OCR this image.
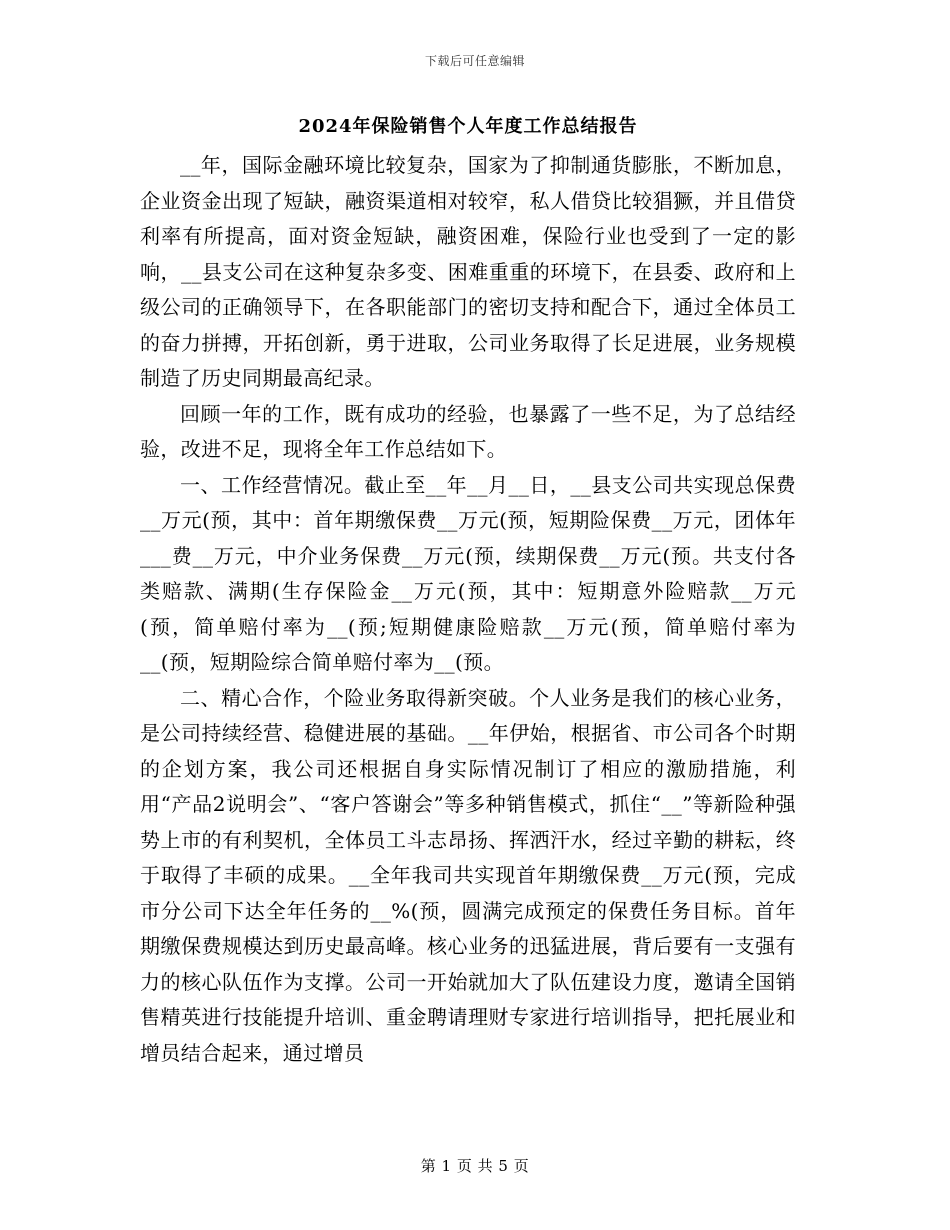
下载后可任意编辑
2024年保险销售个人年度工作总结报告

__年，国际金融环境比较复杂，国家为了抑制通货膨胀，不断加息，企业资金出现了短缺，融资渠道相对较窄，私人借贷比较猖獗，并且借贷利率有所提高，面对资金短缺，融资困难，保险行业也受到了一定的影响，__县支公司在这种复杂多变、困难重重的环境下，在县委、政府和上级公司的正确领导下，在各职能部门的密切支持和配合下，通过全体员工的奋力拼搏，开拓创新，勇于进取，公司业务取得了长足进展，业务规模制造了历史同期最高纪录。

回顾一年的工作，既有成功的经验，也暴露了一些不足，为了总结经验，改进不足，现将全年工作总结如下。

一、工作经营情况。截止至__年__月__日，__县支公司共实现总保费__万元(预，其中：首年期缴保费__万元(预，短期险保费__万元，团体年___费__万元，中介业务保费__万元(预，续期保费__万元(预。共支付各类赔款、满期(生存保险金__万元(预，其中：短期意外险赔款__万元(预，简单赔付率为__(预;短期健康险赔款__万元(预，简单赔付率为__(预，短期险综合简单赔付率为__(预。

二、精心合作，个险业务取得新突破。个人业务是我们的核心业务，是公司持续经营、稳健进展的基础。__年伊始，根据省、市公司各个时期的企划方案，我公司还根据自身实际情况制订了相应的激励措施，利用“产品2说明会”、“客户答谢会”等多种销售模式，抓住“__”等新险种强势上市的有利契机，全体员工斗志昂扬、挥洒汗水，经过辛勤的耕耘，终于取得了丰硕的成果。__全年我司共实现首年期缴保费__万元(预，完成市分公司下达全年任务的__%(预，圆满完成预定的保费任务目标。首年期缴保费规模达到历史最高峰。核心业务的迅猛进展，背后要有一支强有力的核心队伍作为支撑。公司一开始就加大了队伍建设力度，邀请全国销售精英进行技能提升培训、重金聘请理财专家进行培训指导，把托展业和增员结合起来，通过增员

第 1 页 共 5 页
